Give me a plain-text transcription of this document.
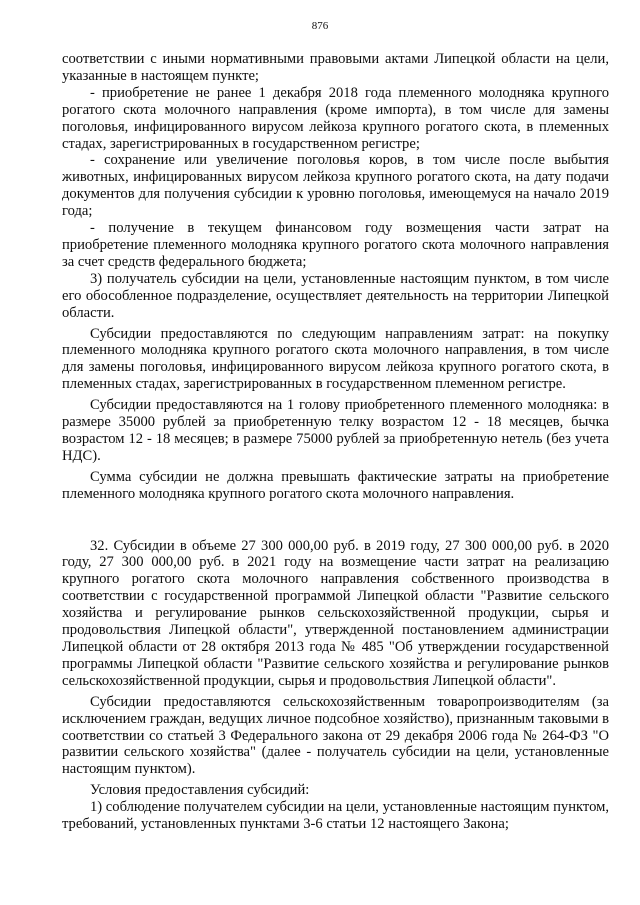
876

соответствии с иными нормативными правовыми актами Липецкой области на цели, указанные в настоящем пункте;

- приобретение не ранее 1 декабря 2018 года племенного молодняка крупного рогатого скота молочного направления (кроме импорта), в том числе для замены поголовья, инфицированного вирусом лейкоза крупного рогатого скота, в племенных стадах, зарегистрированных в государственном регистре;

- сохранение или увеличение поголовья коров, в том числе после выбытия животных, инфицированных вирусом лейкоза крупного рогатого скота, на дату подачи документов для получения субсидии к уровню поголовья, имеющемуся на начало 2019 года;

- получение в текущем финансовом году возмещения части затрат на приобретение племенного молодняка крупного рогатого скота молочного направления за счет средств федерального бюджета;

3) получатель субсидии на цели, установленные настоящим пунктом, в том числе его обособленное подразделение, осуществляет деятельность на территории Липецкой области.

Субсидии предоставляются по следующим направлениям затрат: на покупку племенного молодняка крупного рогатого скота молочного направления, в том числе для замены поголовья, инфицированного вирусом лейкоза крупного рогатого скота, в племенных стадах, зарегистрированных в государственном племенном регистре.

Субсидии предоставляются на 1 голову приобретенного племенного молодняка: в размере 35000 рублей за приобретенную телку возрастом 12 - 18 месяцев, бычка возрастом 12 - 18 месяцев; в размере 75000 рублей за приобретенную нетель (без учета НДС).

Сумма субсидии не должна превышать фактические затраты на приобретение племенного молодняка крупного рогатого скота молочного направления.

32. Субсидии в объеме 27 300 000,00 руб. в 2019 году, 27 300 000,00 руб. в 2020 году, 27 300 000,00 руб. в 2021 году на возмещение части затрат на реализацию крупного рогатого скота молочного направления собственного производства в соответствии с государственной программой Липецкой области "Развитие сельского хозяйства и регулирование рынков сельскохозяйственной продукции, сырья и продовольствия Липецкой области", утвержденной постановлением администрации Липецкой области от 28 октября 2013 года № 485 "Об утверждении государственной программы Липецкой области "Развитие сельского хозяйства и регулирование рынков сельскохозяйственной продукции, сырья и продовольствия Липецкой области".

Субсидии предоставляются сельскохозяйственным товаропроизводителям (за исключением граждан, ведущих личное подсобное хозяйство), признанным таковыми в соответствии со статьей 3 Федерального закона от 29 декабря 2006 года № 264-ФЗ "О развитии сельского хозяйства" (далее - получатель субсидии на цели, установленные настоящим пунктом).

Условия предоставления субсидий:

1) соблюдение получателем субсидии на цели, установленные настоящим пунктом, требований, установленных пунктами 3-6 статьи 12 настоящего Закона;
